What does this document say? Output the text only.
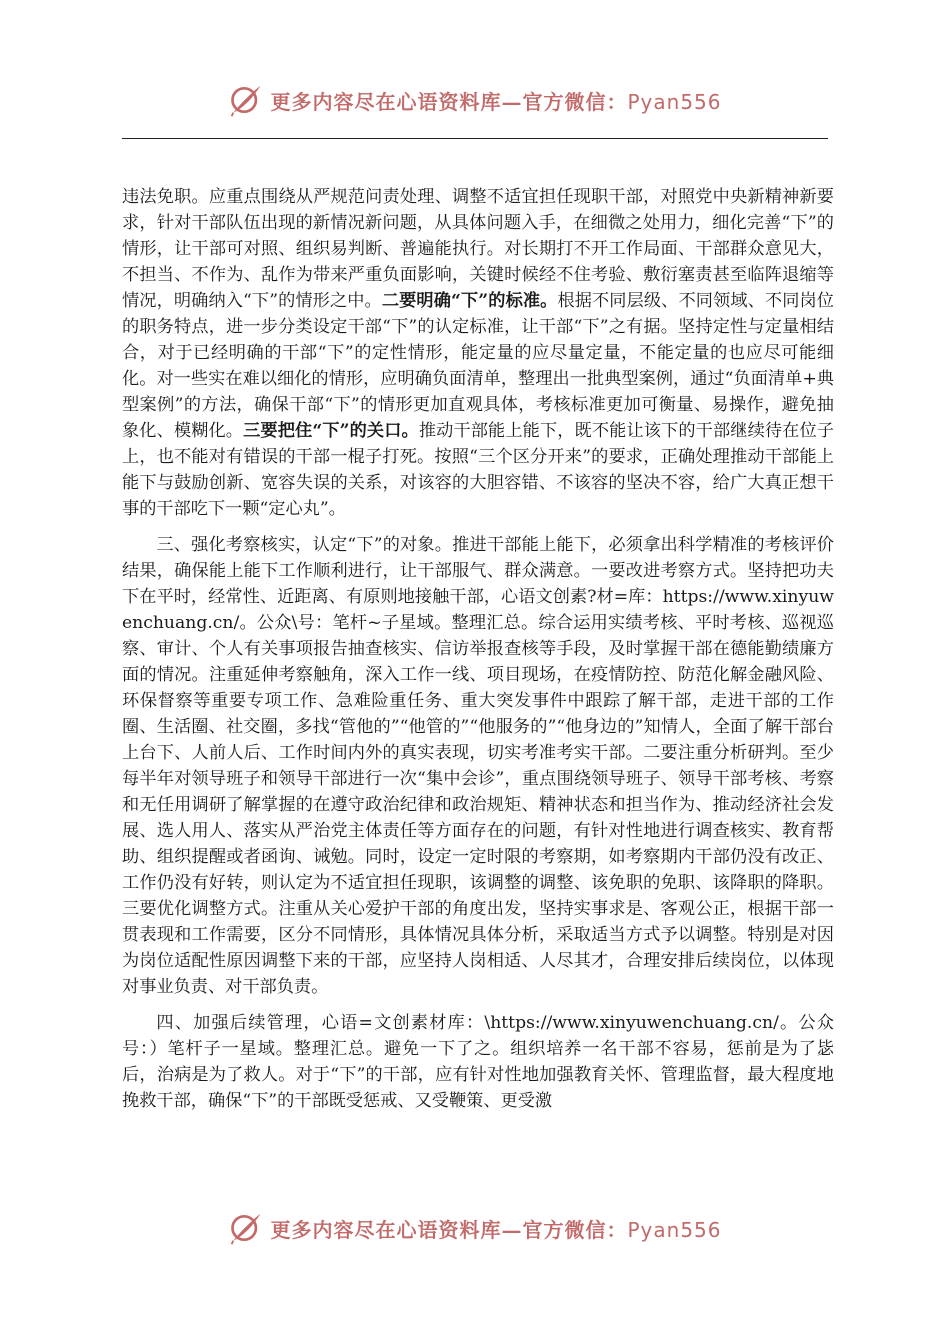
更多内容尽在心语资料库—官方微信：Pyan556

违法免职。应重点围绕从严规范问责处理、调整不适宜担任现职干部，对照党中央新精神新要求，针对干部队伍出现的新情况新问题，从具体问题入手，在细微之处用力，细化完善“下”的情形，让干部可对照、组织易判断、普遍能执行。对长期打不开工作局面、干部群众意见大，不担当、不作为、乱作为带来严重负面影响，关键时候经不住考验、敷衍塞责甚至临阵退缩等情况，明确纳入“下”的情形之中。二要明确“下”的标准。根据不同层级、不同领域、不同岗位的职务特点，进一步分类设定干部“下”的认定标准，让干部“下”之有据。坚持定性与定量相结合，对于已经明确的干部“下”的定性情形，能定量的应尽量定量，不能定量的也应尽可能细化。对一些实在难以细化的情形，应明确负面清单，整理出一批典型案例，通过“负面清单+典型案例”的方法，确保干部“下”的情形更加直观具体，考核标准更加可衡量、易操作，避免抽象化、模糊化。三要把住“下”的关口。推动干部能上能下，既不能让该下的干部继续待在位子上，也不能对有错误的干部一棍子打死。按照“三个区分开来”的要求，正确处理推动干部能上能下与鼓励创新、宽容失误的关系，对该容的大胆容错、不该容的坚决不容，给广大真正想干事的干部吃下一颗“定心丸”。

三、强化考察核实，认定“下”的对象。推进干部能上能下，必须拿出科学精准的考核评价结果，确保能上能下工作顺利进行，让干部服气、群众满意。一要改进考察方式。坚持把功夫下在平时，经常性、近距离、有原则地接触干部，心语文创素?材=库：https://www.xinyuwenchuang.cn/。公众\号：笔杆~子星域。整理汇总。综合运用实绩考核、平时考核、巡视巡察、审计、个人有关事项报告抽查核实、信访举报查核等手段，及时掌握干部在德能勤绩廉方面的情况。注重延伸考察触角，深入工作一线、项目现场，在疫情防控、防范化解金融风险、环保督察等重要专项工作、急难险重任务、重大突发事件中跟踪了解干部，走进干部的工作圈、生活圈、社交圈，多找“管他的”“他管的”“他服务的”“他身边的”知情人，全面了解干部台上台下、人前人后、工作时间内外的真实表现，切实考准考实干部。二要注重分析研判。至少每半年对领导班子和领导干部进行一次“集中会诊”，重点围绕领导班子、领导干部考核、考察和无任用调研了解掌握的在遵守政治纪律和政治规矩、精神状态和担当作为、推动经济社会发展、选人用人、落实从严治党主体责任等方面存在的问题，有针对性地进行调查核实、教育帮助、组织提醒或者函询、诫勉。同时，设定一定时限的考察期，如考察期内干部仍没有改正、工作仍没有好转，则认定为不适宜担任现职，该调整的调整、该免职的免职、该降职的降职。三要优化调整方式。注重从关心爱护干部的角度出发，坚持实事求是、客观公正，根据干部一贯表现和工作需要，区分不同情形，具体情况具体分析，采取适当方式予以调整。特别是对因为岗位适配性原因调整下来的干部，应坚持人岗相适、人尽其才，合理安排后续岗位，以体现对事业负责、对干部负责。

四、加强后续管理，心语=文创素材库：\https://www.xinyuwenchuang.cn/。公众号：）笔杆子一星域。整理汇总。避免一下了之。组织培养一名干部不容易，惩前是为了毖后，治病是为了救人。对于“下”的干部，应有针对性地加强教育关怀、管理监督，最大程度地挽救干部，确保“下”的干部既受惩戒、又受鞭策、更受激

更多内容尽在心语资料库—官方微信：Pyan556
